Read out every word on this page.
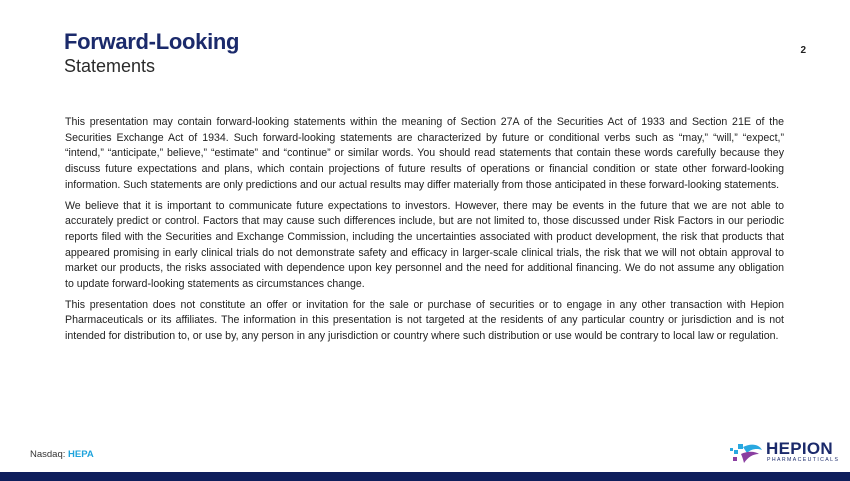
Forward-Looking
Statements
2

This presentation may contain forward-looking statements within the meaning of Section 27A of the Securities Act of 1933 and Section 21E of the Securities Exchange Act of 1934. Such forward-looking statements are characterized by future or conditional verbs such as “may,” “will,” “expect,” “intend,” “anticipate,” believe,” “estimate” and “continue” or similar words. You should read statements that contain these words carefully because they discuss future expectations and plans, which contain projections of future results of operations or financial condition or state other forward-looking information. Such statements are only predictions and our actual results may differ materially from those anticipated in these forward-looking statements.

We believe that it is important to communicate future expectations to investors. However, there may be events in the future that we are not able to accurately predict or control. Factors that may cause such differences include, but are not limited to, those discussed under Risk Factors in our periodic reports filed with the Securities and Exchange Commission, including the uncertainties associated with product development, the risk that products that appeared promising in early clinical trials do not demonstrate safety and efficacy in larger-scale clinical trials, the risk that we will not obtain approval to market our products, the risks associated with dependence upon key personnel and the need for additional financing. We do not assume any obligation to update forward-looking statements as circumstances change.

This presentation does not constitute an offer or invitation for the sale or purchase of securities or to engage in any other transaction with Hepion Pharmaceuticals or its affiliates. The information in this presentation is not targeted at the residents of any particular country or jurisdiction and is not intended for distribution to, or use by, any person in any jurisdiction or country where such distribution or use would be contrary to local law or regulation.

Nasdaq: HEPA	HEPION
PHARMACEUTICALS
